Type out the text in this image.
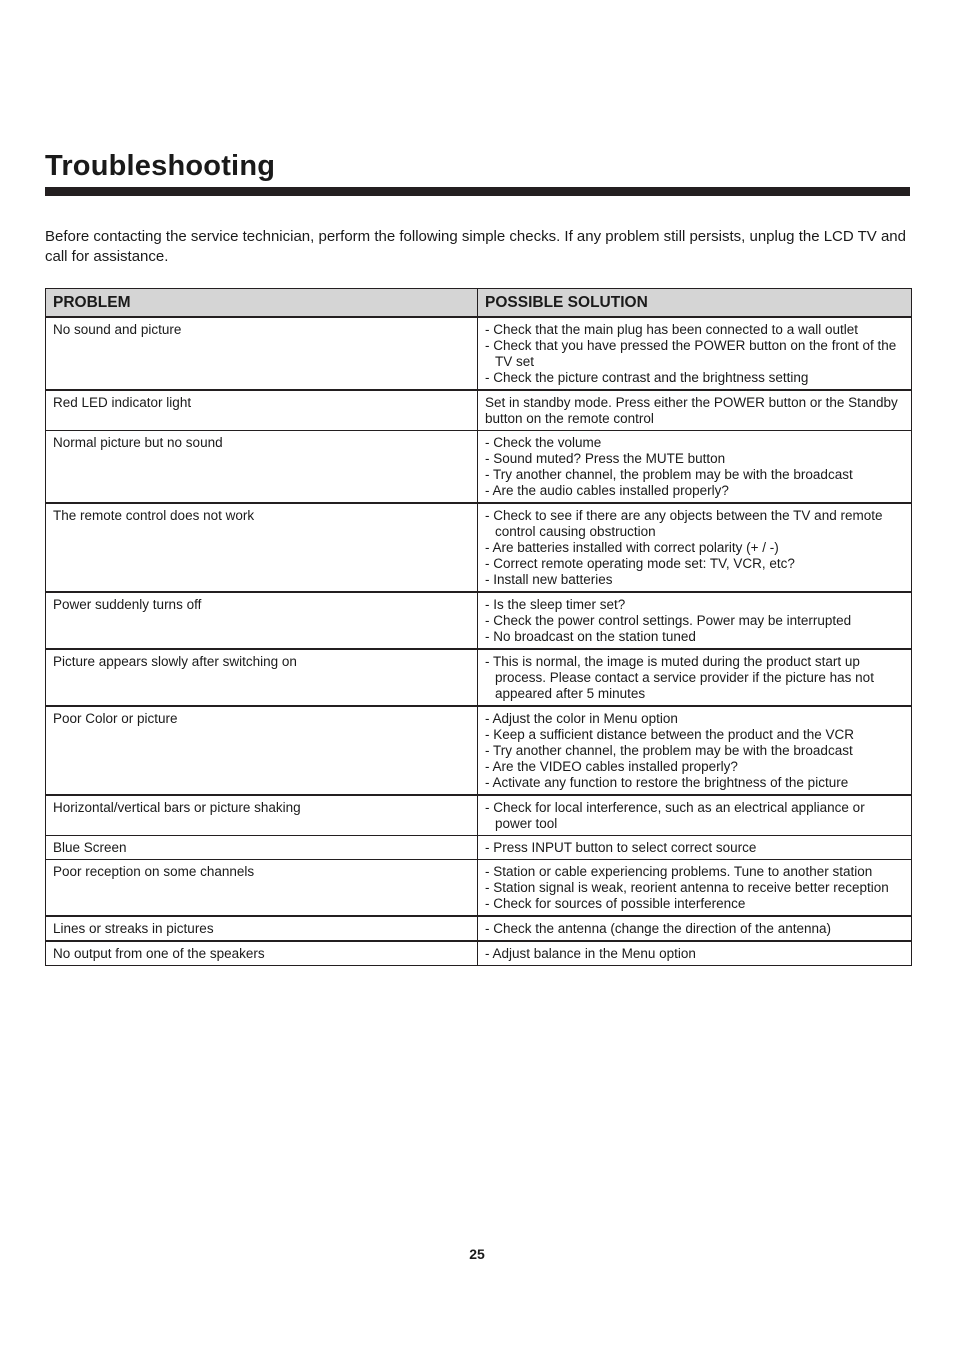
Troubleshooting

Before contacting the service technician, perform the following simple checks. If any problem still persists, unplug the LCD TV and call for assistance.

PROBLEM	POSSIBLE SOLUTION
No sound and picture	- Check that the main plug has been connected to a wall outlet
- Check that you have pressed the POWER button on the front of the TV set
- Check the picture contrast and the brightness setting

Red LED indicator light	Set in standby mode. Press either the POWER button or the Standby button on the remote control

Normal picture but no sound	- Check the volume
- Sound muted? Press the MUTE button
- Try another channel, the problem may be with the broadcast
- Are the audio cables installed properly?

The remote control does not work	- Check to see if there are any objects between the TV and remote control causing obstruction
- Are batteries installed with correct polarity (+ / -)
- Correct remote operating mode set: TV, VCR, etc?
- Install new batteries

Power suddenly turns off	- Is the sleep timer set?
- Check the power control settings. Power may be interrupted
- No broadcast on the station tuned

Picture appears slowly after switching on	- This is normal, the image is muted during the product start up process. Please contact a service provider if the picture has not appeared after 5 minutes

Poor Color or picture	- Adjust the color in Menu option
- Keep a sufficient distance between the product and the VCR
- Try another channel, the problem may be with the broadcast
- Are the VIDEO cables installed properly?
- Activate any function to restore the brightness of the picture

Horizontal/vertical bars or picture shaking	- Check for local interference, such as an electrical appliance or power tool

Blue Screen	- Press INPUT button to select correct source

Poor reception on some channels	- Station or cable experiencing problems. Tune to another station
- Station signal is weak, reorient antenna to receive better reception
- Check for sources of possible interference

Lines or streaks in pictures	- Check the antenna (change the direction of the antenna)

No output from one of the speakers	- Adjust balance in the Menu option
25
